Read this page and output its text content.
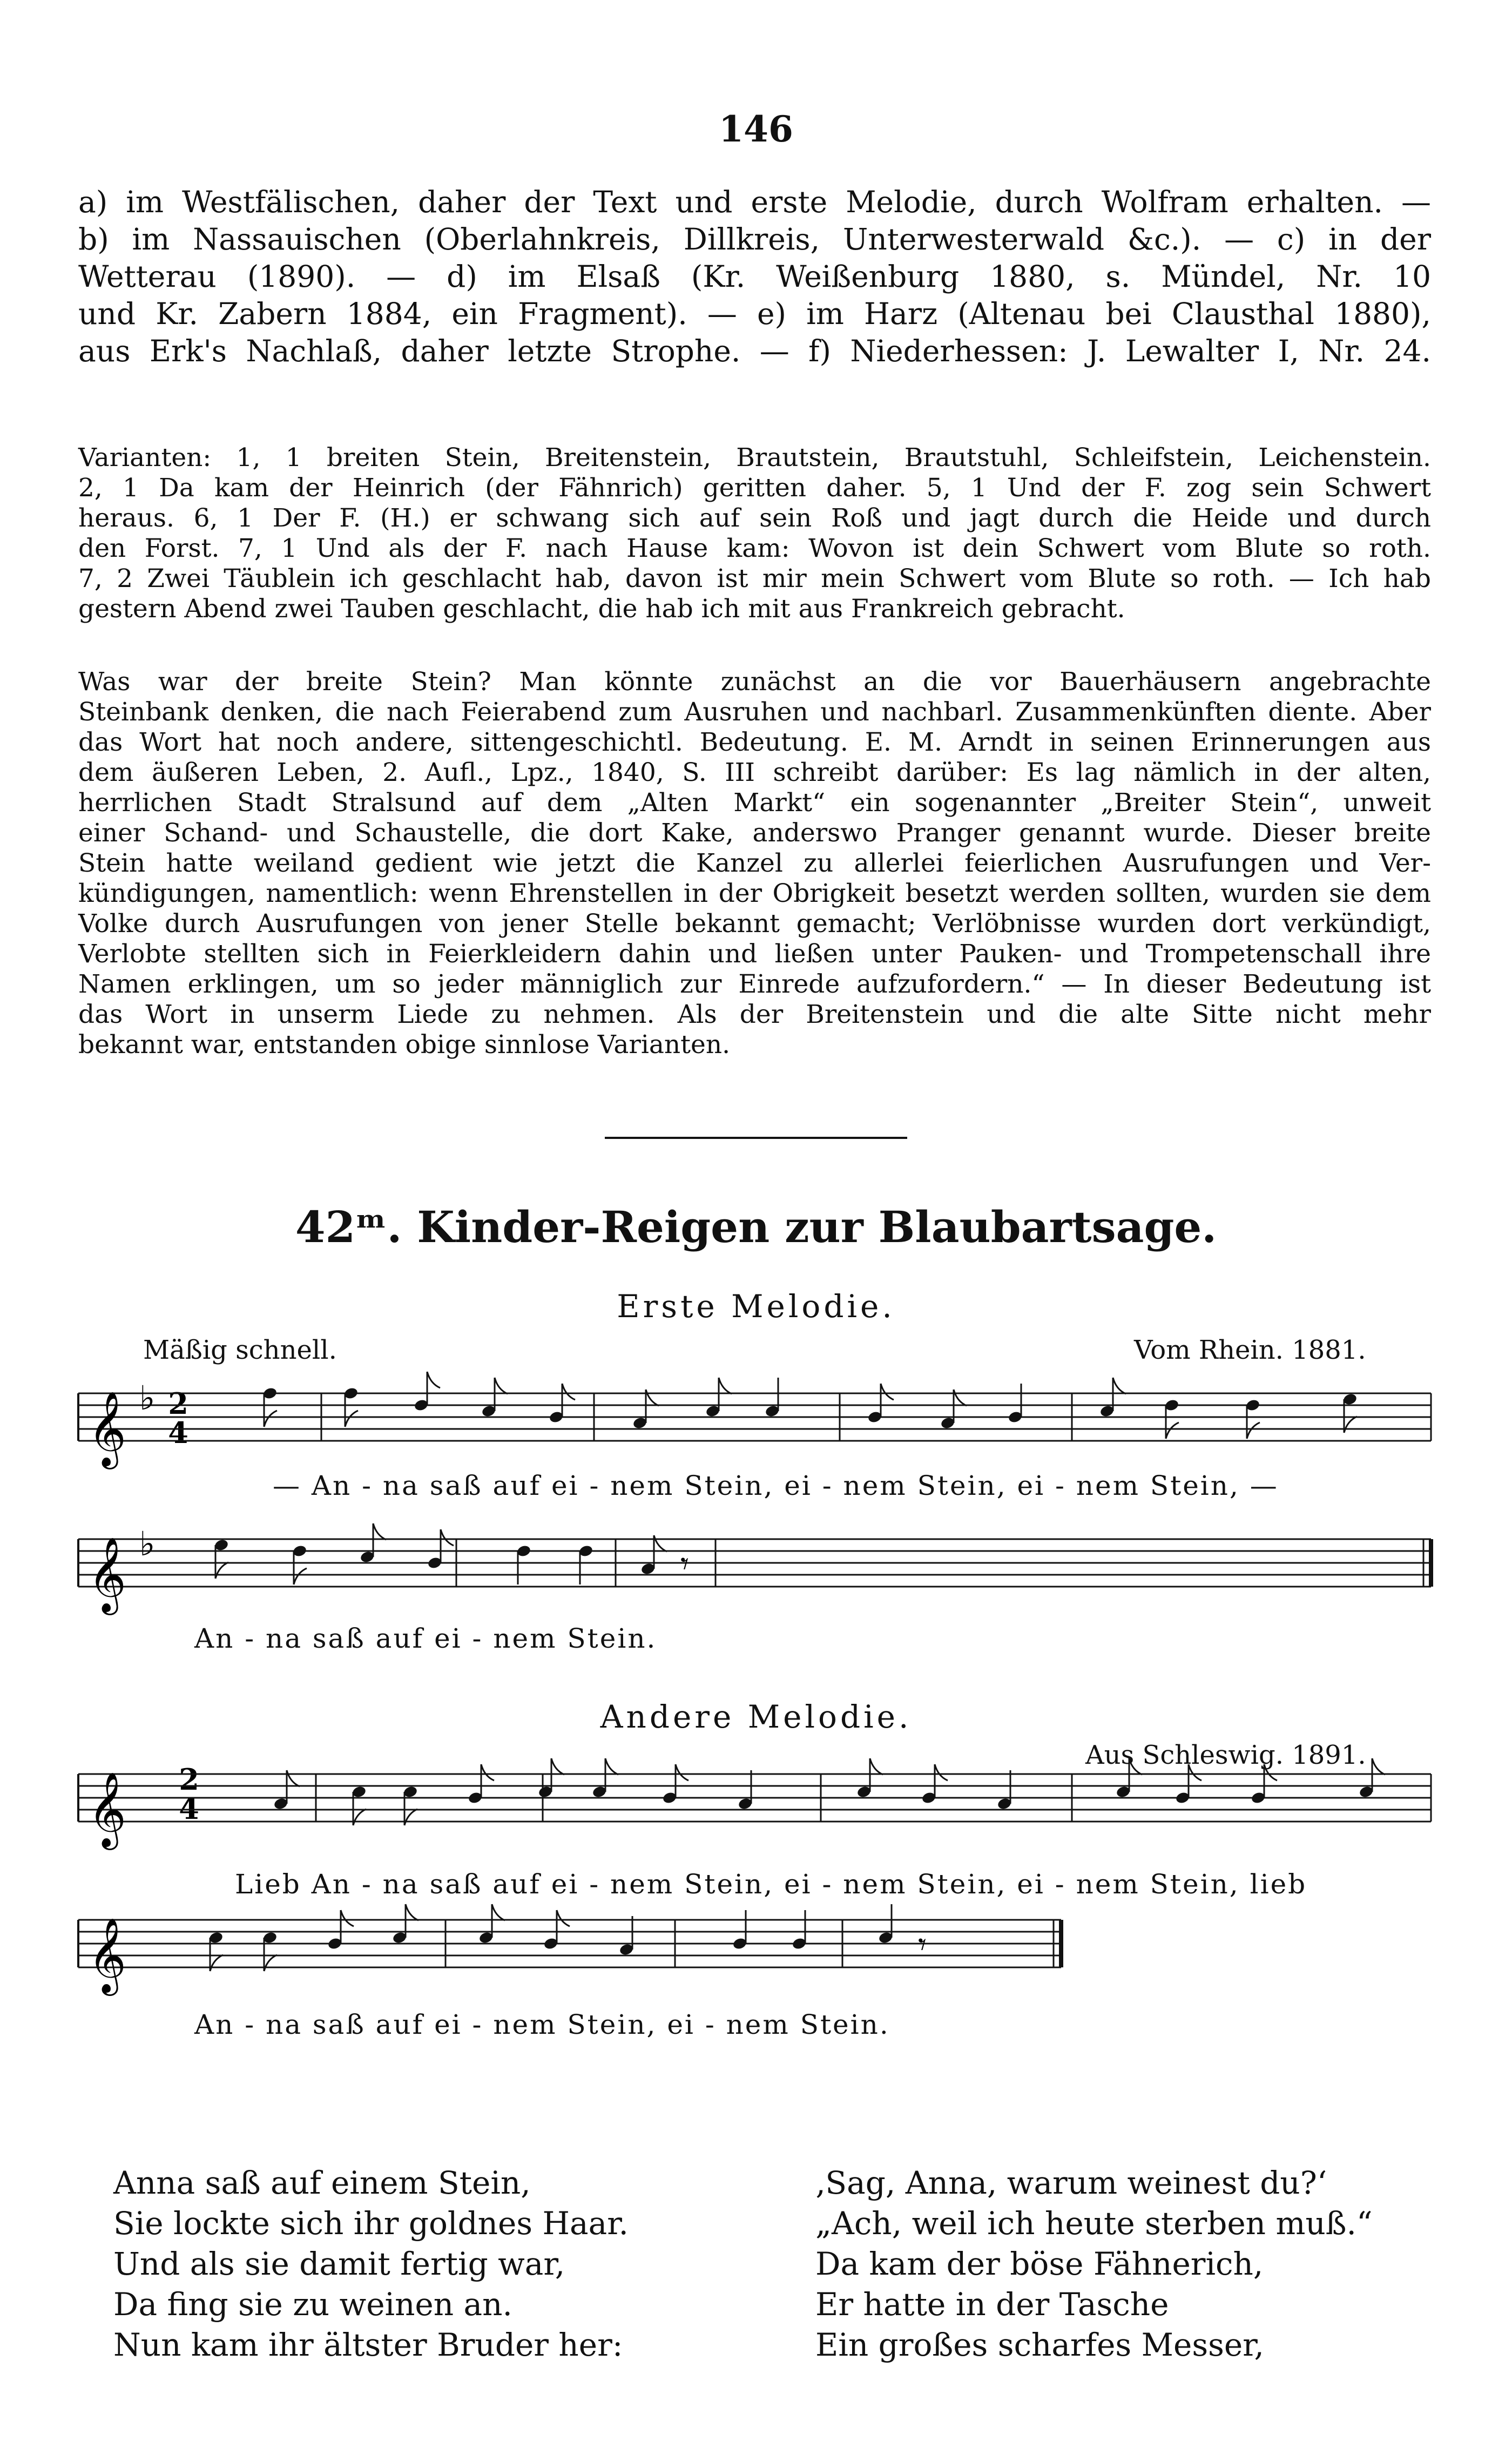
146
a) im Westfälischen, daher der Text und erste Melodie, durch Wolfram erhalten. —
b) im Nassauischen (Oberlahnkreis, Dillkreis, Unterwesterwald &c.). — c) in der
Wetterau (1890). — d) im Elsaß (Kr. Weißenburg 1880, s. Mündel, Nr. 10
und Kr. Zabern 1884, ein Fragment). — e) im Harz (Altenau bei Clausthal 1880),
aus Erk's Nachlaß, daher letzte Strophe. — f) Niederhessen: J. Lewalter I, Nr. 24.
Varianten: 1, 1 breiten Stein, Breitenstein, Brautstein, Brautstuhl, Schleifstein, Leichenstein.
2, 1 Da kam der Heinrich (der Fähnrich) geritten daher. 5, 1 Und der F. zog sein Schwert
heraus. 6, 1 Der F. (H.) er schwang sich auf sein Roß und jagt durch die Heide und durch
den Forst. 7, 1 Und als der F. nach Hause kam: Wovon ist dein Schwert vom Blute so roth.
7, 2 Zwei Täublein ich geschlacht hab, davon ist mir mein Schwert vom Blute so roth. — Ich hab
gestern Abend zwei Tauben geschlacht, die hab ich mit aus Frankreich gebracht.
Was war der breite Stein? Man könnte zunächst an die vor Bauerhäusern angebrachte
Steinbank denken, die nach Feierabend zum Ausruhen und nachbarl. Zusammenkünften diente. Aber
das Wort hat noch andere, sittengeschichtl. Bedeutung. E. M. Arndt in seinen Erinnerungen aus
dem äußeren Leben, 2. Aufl., Lpz., 1840, S. III schreibt darüber: Es lag nämlich in der alten,
herrlichen Stadt Stralsund auf dem „Alten Markt“ ein sogenannter „Breiter Stein“, unweit
einer Schand- und Schaustelle, die dort Kake, anderswo Pranger genannt wurde. Dieser breite
Stein hatte weiland gedient wie jetzt die Kanzel zu allerlei feierlichen Ausrufungen und Ver-
kündigungen, namentlich: wenn Ehrenstellen in der Obrigkeit besetzt werden sollten, wurden sie dem
Volke durch Ausrufungen von jener Stelle bekannt gemacht; Verlöbnisse wurden dort verkündigt,
Verlobte stellten sich in Feierkleidern dahin und ließen unter Pauken- und Trompetenschall ihre
Namen erklingen, um so jeder männiglich zur Einrede aufzufordern.“ — In dieser Bedeutung ist
das Wort in unserm Liede zu nehmen. Als der Breitenstein und die alte Sitte nicht mehr
bekannt war, entstanden obige sinnlose Varianten.
42ᵐ. Kinder-Reigen zur Blaubartsage.
Erste Melodie.
Mäßig schnell.	Vom Rhein. 1881.
Andere Melodie.
Aus Schleswig. 1891.
— An - na saß auf ei - nem Stein, ei - nem Stein, ei - nem Stein, —
An - na saß auf ei - nem Stein.
Lieb An - na saß auf ei - nem Stein, ei - nem Stein, ei - nem Stein, lieb
An - na saß auf ei - nem Stein, ei - nem Stein.
2
4
2
4
𝄞 ♭
𝄞 ♭
𝄾
𝄞
𝄞	𝄾
Anna saß auf einem Stein,
Sie lockte sich ihr goldnes Haar.
Und als sie damit fertig war,
Da fing sie zu weinen an.
Nun kam ihr ältster Bruder her:
‚Sag, Anna, warum weinest du?‘
„Ach, weil ich heute sterben muß.“
Da kam der böse Fähnerich,
Er hatte in der Tasche
Ein großes scharfes Messer,
